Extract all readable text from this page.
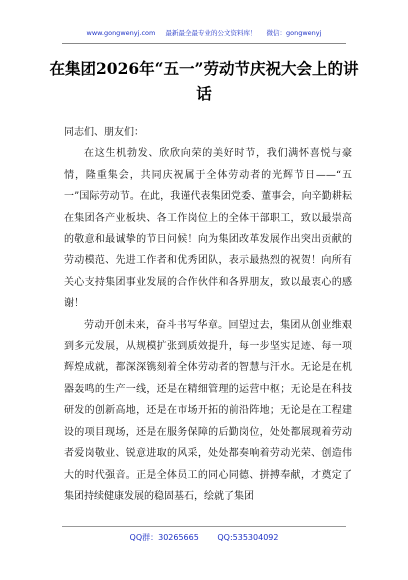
www.gongwenyj.com 最新最全最专业的公文资料库！ 微信：gongwenyj
在集团2026年“五一”劳动节庆祝大会上的讲话

同志们、朋友们：

在这生机勃发、欣欣向荣的美好时节，我们满怀喜悦与豪情，隆重集会，共同庆祝属于全体劳动者的光辉节日——“五一”国际劳动节。在此，我谨代表集团党委、董事会，向辛勤耕耘在集团各产业板块、各工作岗位上的全体干部职工，致以最崇高的敬意和最诚挚的节日问候！向为集团改革发展作出突出贡献的劳动模范、先进工作者和优秀团队，表示最热烈的祝贺！向所有关心支持集团事业发展的合作伙伴和各界朋友，致以最衷心的感谢！

劳动开创未来，奋斗书写华章。回望过去，集团从创业维艰到多元发展，从规模扩张到质效提升，每一步坚实足迹、每一项辉煌成就，都深深镌刻着全体劳动者的智慧与汗水。无论是在机器轰鸣的生产一线，还是在精细管理的运营中枢；无论是在科技研发的创新高地，还是在市场开拓的前沿阵地；无论是在工程建设的项目现场，还是在服务保障的后勤岗位，处处都展现着劳动者爱岗敬业、锐意进取的风采，处处都奏响着劳动光荣、创造伟大的时代强音。正是全体员工的同心同德、拼搏奉献，才奠定了集团持续健康发展的稳固基石，绘就了集团

QQ群：30265665 QQ:535304092
